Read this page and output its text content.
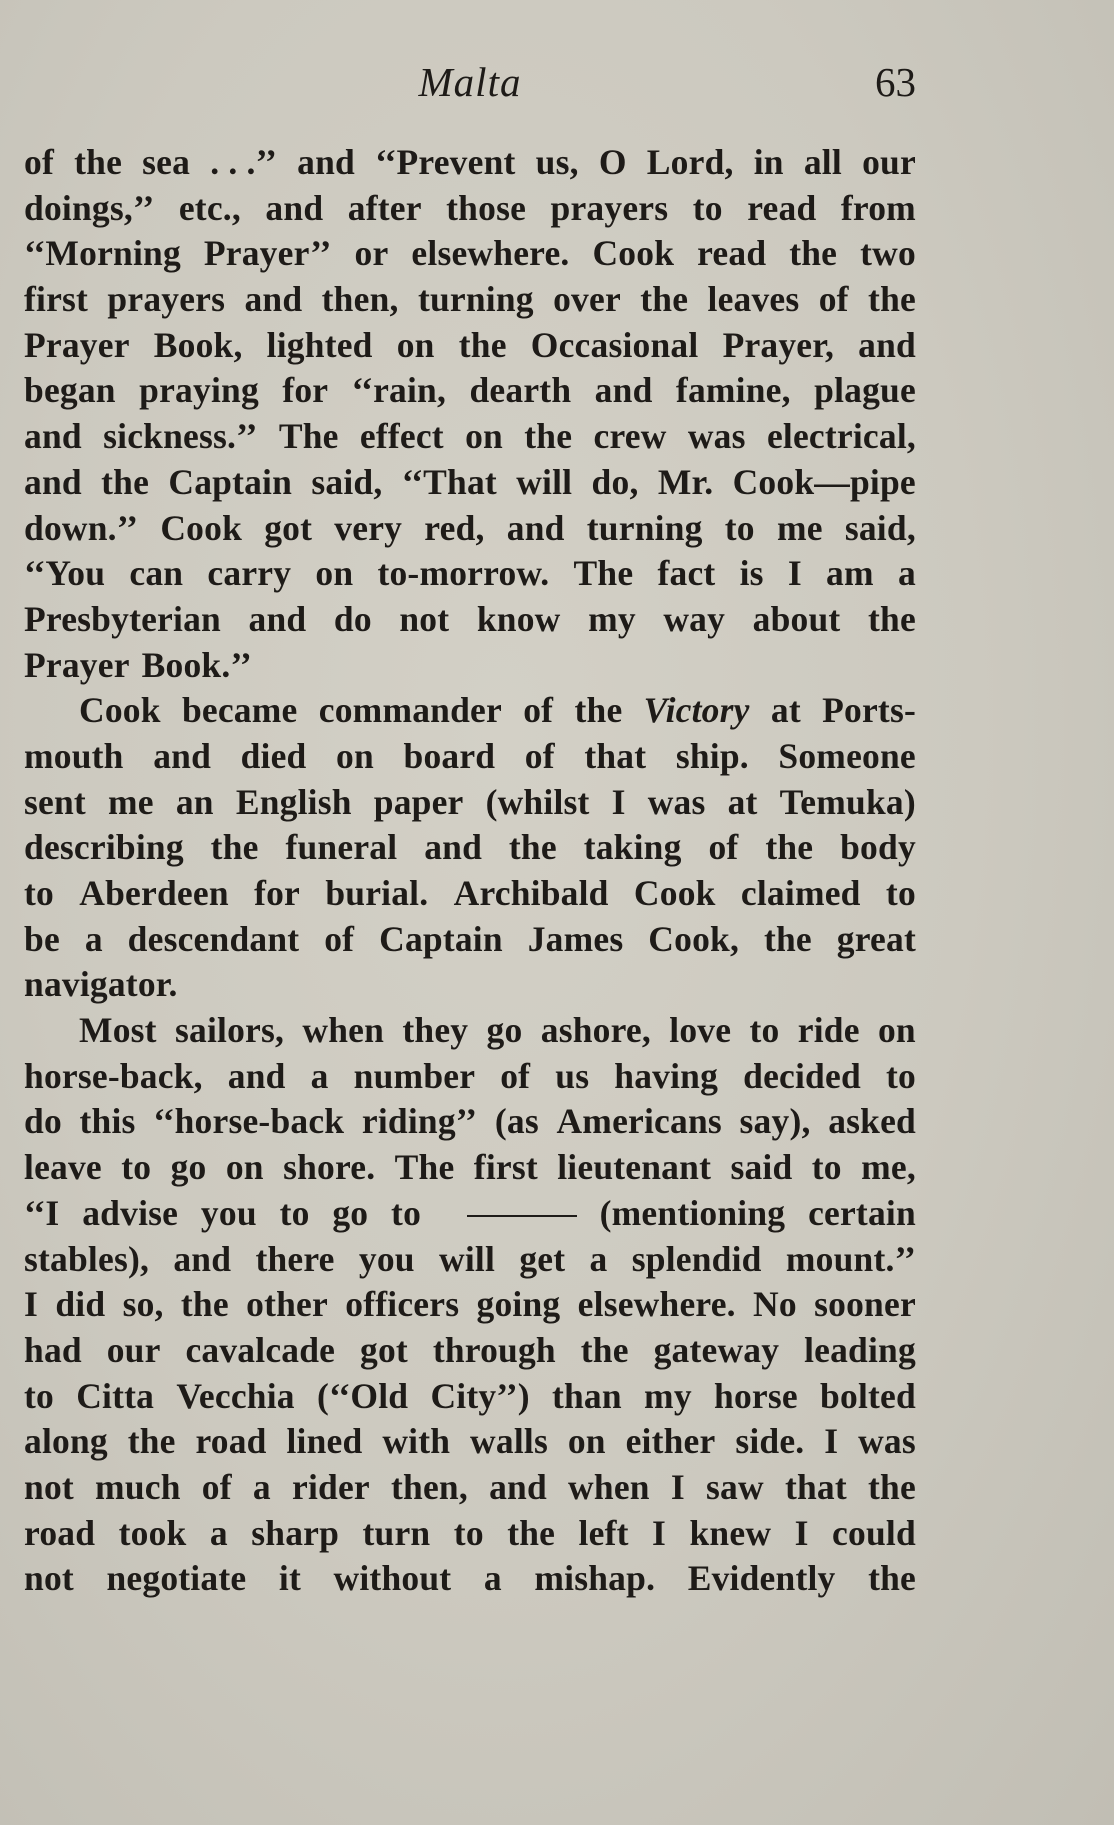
Malta	63
of the sea . . .’’ and ‘‘Prevent us, O Lord, in all our
doings,’’ etc., and after those prayers to read from
‘‘Morning Prayer’’ or elsewhere. Cook read the two
first prayers and then, turning over the leaves of the
Prayer Book, lighted on the Occasional Prayer, and
began praying for ‘‘rain, dearth and famine, plague
and sickness.’’ The effect on the crew was electrical,
and the Captain said, ‘‘That will do, Mr. Cook—pipe
down.’’ Cook got very red, and turning to me said,
‘‘You can carry on to-morrow. The fact is I am a
Presbyterian and do not know my way about the
Prayer Book.’’
Cook became commander of the Victory at Ports-
mouth and died on board of that ship. Someone
sent me an English paper (whilst I was at Temuka)
describing the funeral and the taking of the body
to Aberdeen for burial. Archibald Cook claimed to
be a descendant of Captain James Cook, the great
navigator.
Most sailors, when they go ashore, love to ride on
horse-back, and a number of us having decided to
do this ‘‘horse-back riding’’ (as Americans say), asked
leave to go on shore. The first lieutenant said to me,
‘‘I advise you to go to	(mentioning certain
stables), and there you will get a splendid mount.’’
I did so, the other officers going elsewhere. No sooner
had our cavalcade got through the gateway leading
to Citta Vecchia (‘‘Old City’’) than my horse bolted
along the road lined with walls on either side. I was
not much of a rider then, and when I saw that the
road took a sharp turn to the left I knew I could
not negotiate it without a mishap. Evidently the
